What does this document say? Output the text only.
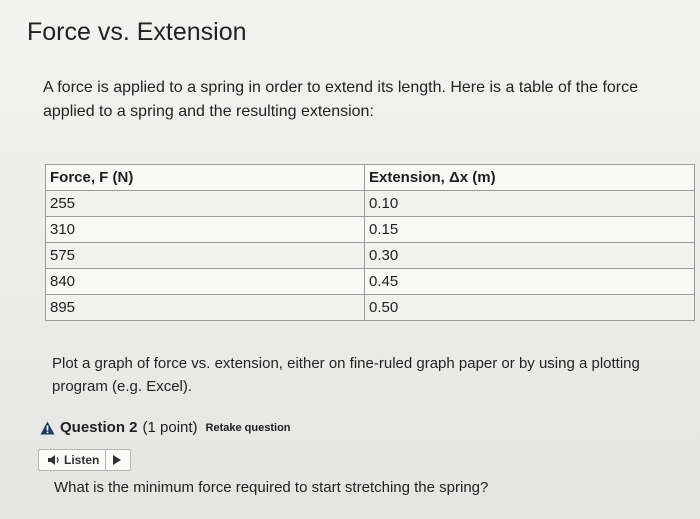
Force vs. Extension
A force is applied to a spring in order to extend its length. Here is a table of the force applied to a spring and the resulting extension:
Force, F (N)	Extension, Δx (m)
255	0.10
310	0.15
575	0.30
840	0.45
895	0.50
Plot a graph of force vs. extension, either on fine-ruled graph paper or by using a plotting program (e.g. Excel).
Question 2 (1 point) Retake question
Listen
What is the minimum force required to start stretching the spring?
